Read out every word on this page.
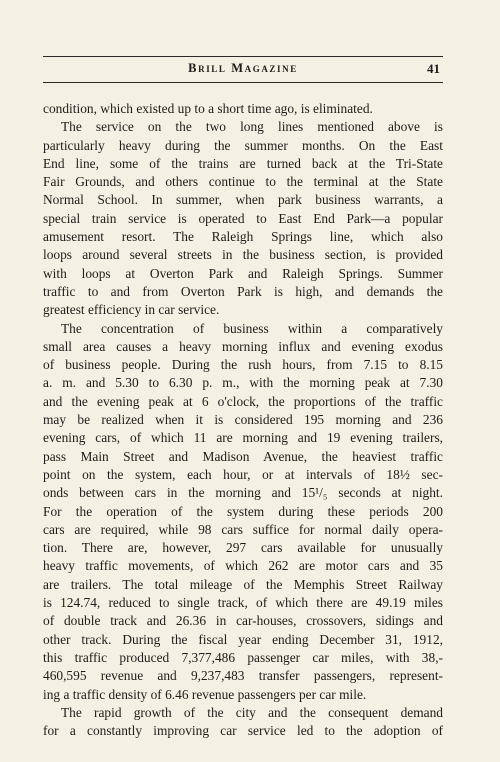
Brill Magazine	41
condition, which existed up to a short time ago, is eliminated.
The service on the two long lines mentioned above is
particularly heavy during the summer months. On the East
End line, some of the trains are turned back at the Tri-State
Fair Grounds, and others continue to the terminal at the State
Normal School. In summer, when park business warrants, a
special train service is operated to East End Park—a popular
amusement resort. The Raleigh Springs line, which also
loops around several streets in the business section, is provided
with loops at Overton Park and Raleigh Springs. Summer
traffic to and from Overton Park is high, and demands the
greatest efficiency in car service.
The concentration of business within a comparatively
small area causes a heavy morning influx and evening exodus
of business people. During the rush hours, from 7.15 to 8.15
a. m. and 5.30 to 6.30 p. m., with the morning peak at 7.30
and the evening peak at 6 o'clock, the proportions of the traffic
may be realized when it is considered 195 morning and 236
evening cars, of which 11 are morning and 19 evening trailers,
pass Main Street and Madison Avenue, the heaviest traffic
point on the system, each hour, or at intervals of 18½ sec-
onds between cars in the morning and 15¹/₅ seconds at night.
For the operation of the system during these periods 200
cars are required, while 98 cars suffice for normal daily opera-
tion. There are, however, 297 cars available for unusually
heavy traffic movements, of which 262 are motor cars and 35
are trailers. The total mileage of the Memphis Street Railway
is 124.74, reduced to single track, of which there are 49.19 miles
of double track and 26.36 in car-houses, crossovers, sidings and
other track. During the fiscal year ending December 31, 1912,
this traffic produced 7,377,486 passenger car miles, with 38,-
460,595 revenue and 9,237,483 transfer passengers, represent-
ing a traffic density of 6.46 revenue passengers per car mile.
The rapid growth of the city and the consequent demand
for a constantly improving car service led to the adoption of
